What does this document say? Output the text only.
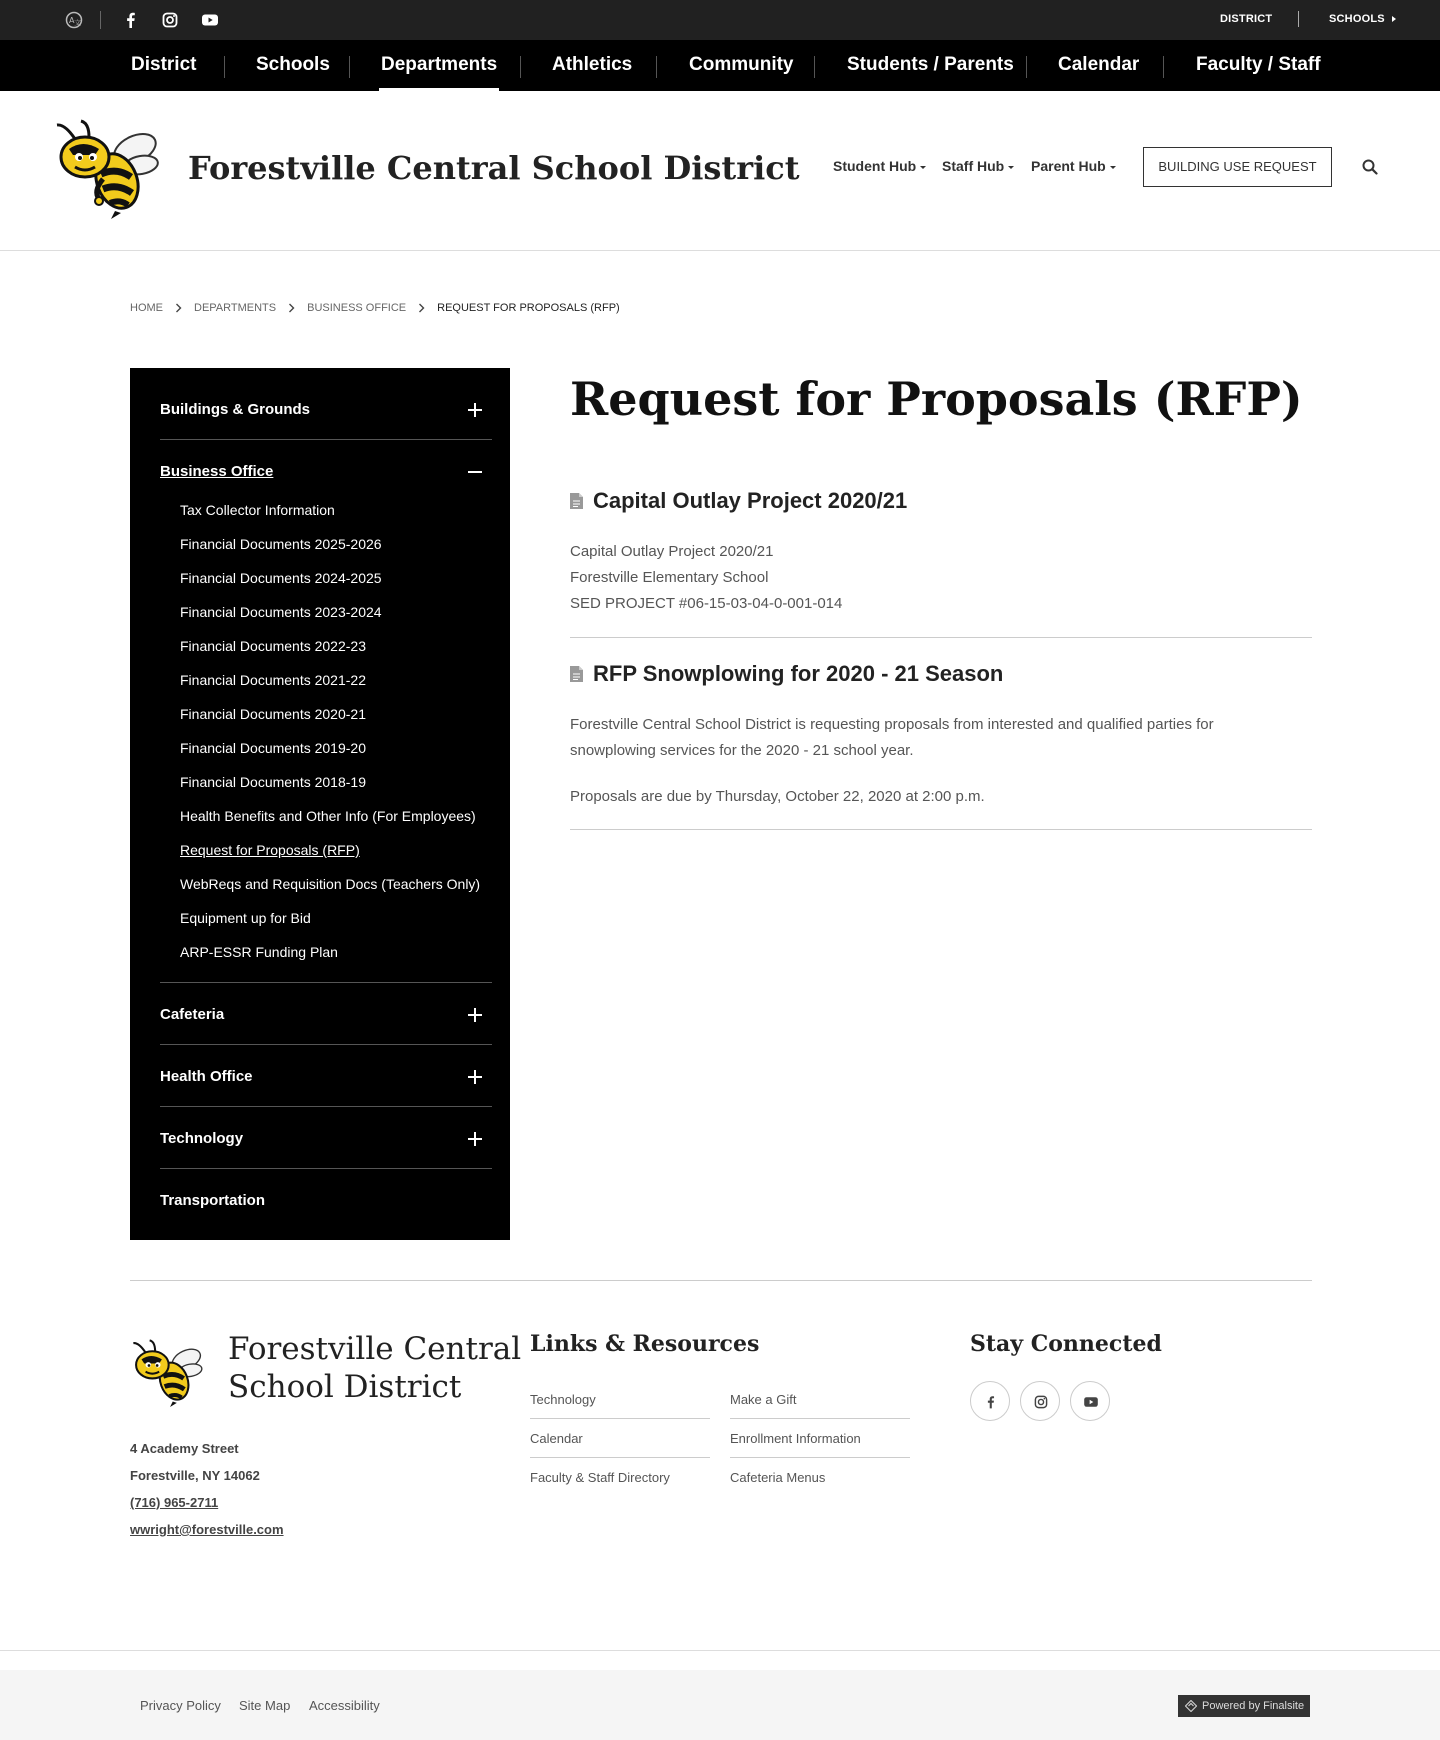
A 文	DISTRICT	SCHOOLS
District	Schools	Departments	Athletics	Community	Students / Parents Calendar	Faculty / Staff
Forestville Central School District Student Hub	Staff Hub	Parent Hub	BUILDING USE REQUEST
HOME	DEPARTMENTS	BUSINESS OFFICE	REQUEST FOR PROPOSALS (RFP)
Buildings & Grounds
Business Office
Tax Collector Information
Financial Documents 2025-2026
Financial Documents 2024-2025
Financial Documents 2023-2024
Financial Documents 2022-23
Financial Documents 2021-22
Financial Documents 2020-21
Financial Documents 2019-20
Financial Documents 2018-19
Health Benefits and Other Info (For Employees)
Request for Proposals (RFP)
WebReqs and Requisition Docs (Teachers Only)
Equipment up for Bid
ARP-ESSR Funding Plan
Cafeteria
Health Office
Technology
Transportation
Request for Proposals (RFP)
Capital Outlay Project 2020/21
Capital Outlay Project 2020/21
Forestville Elementary School
SED PROJECT #06-15-03-04-0-001-014
RFP Snowplowing for 2020 - 21 Season
Forestville Central School District is requesting proposals from interested and qualified parties for
snowplowing services for the 2020 - 21 school year.
Proposals are due by Thursday, October 22, 2020 at 2:00 p.m.
Forestville Central
School District
4 Academy Street
Forestville, NY 14062
(716) 965-2711
wwright@forestville.com
Links & Resources
Technology
Calendar
Faculty & Staff Directory
Make a Gift
Enrollment Information
Cafeteria Menus
Stay Connected
Privacy Policy Site Map Accessibility	Powered by Finalsite
